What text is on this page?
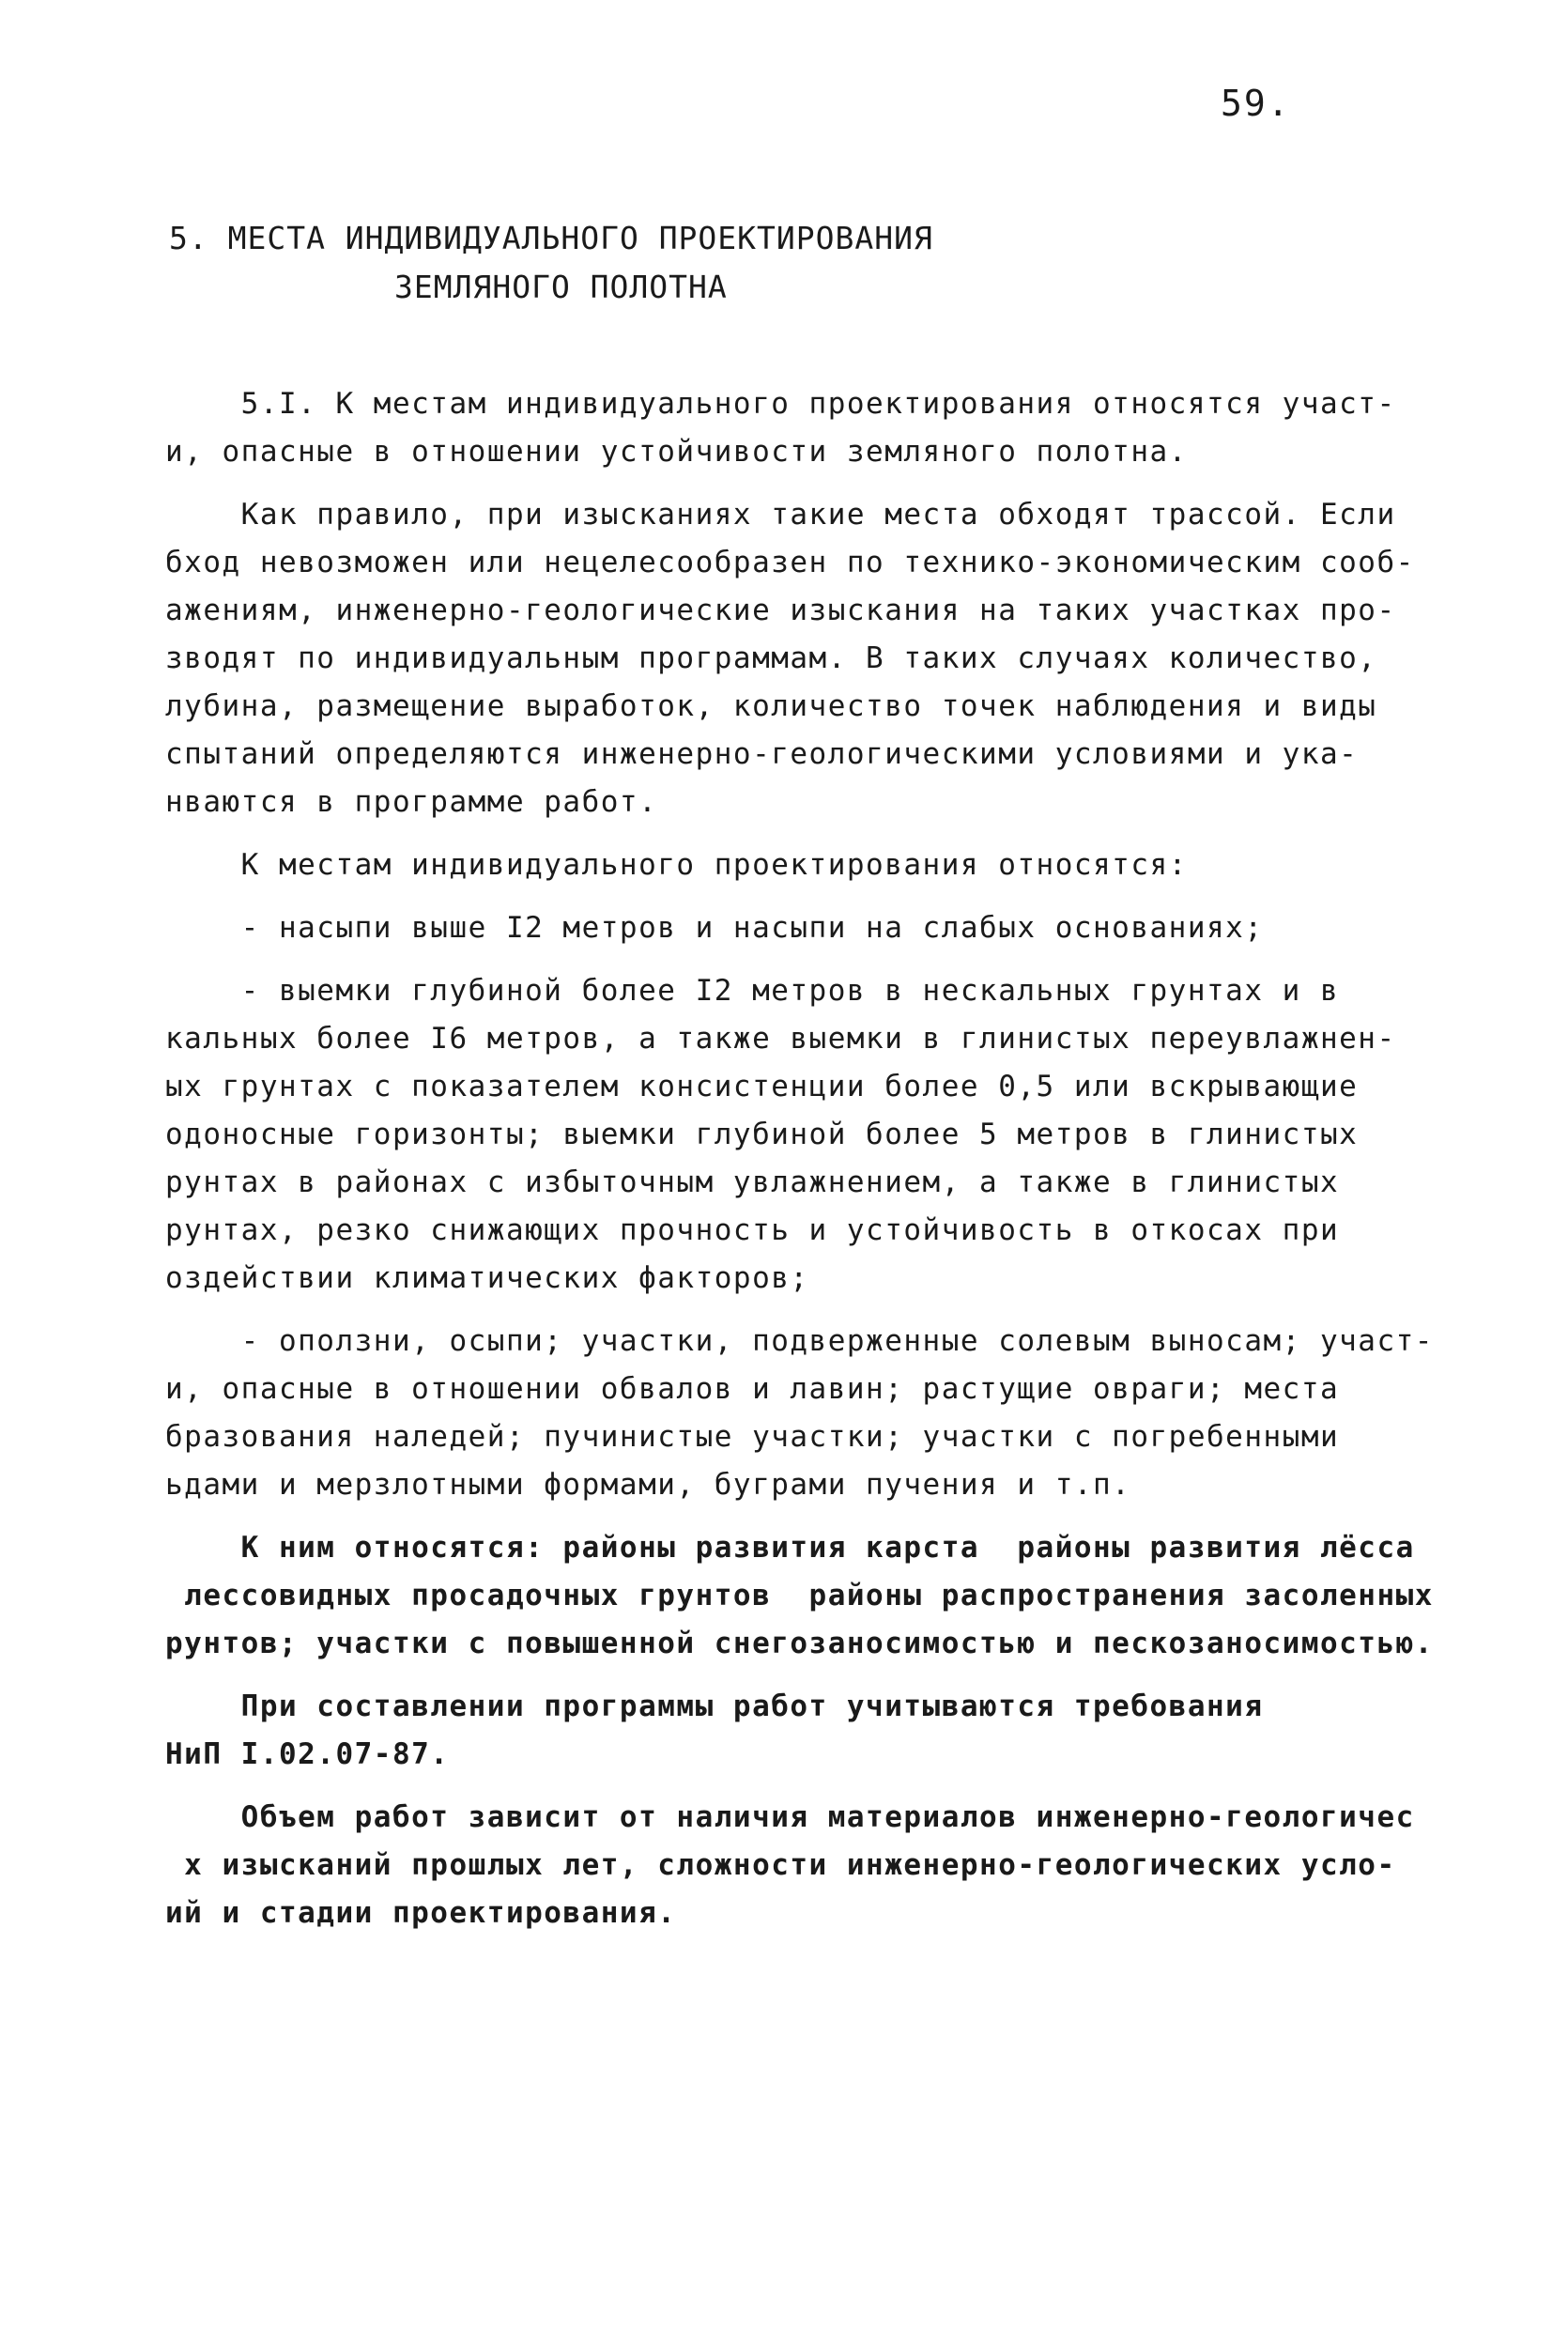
59.
5. МЕСТА ИНДИВИДУАЛЬНОГО ПРОЕКТИРОВАНИЯ
ЗЕМЛЯНОГО ПОЛОТНА

5.I. К местам индивидуального проектирования относятся участ-
и, опасные в отношении устойчивости земляного полотна.

Как правило, при изысканиях такие места обходят трассой. Если
бход невозможен или нецелесообразен по технико-экономическим сооб-
ажениям, инженерно-геологические изыскания на таких участках про-
зводят по индивидуальным программам. В таких случаях количество,
лубина, размещение выработок, количество точек наблюдения и виды
спытаний определяются инженерно-геологическими условиями и ука-
нваются в программе работ.

К местам индивидуального проектирования относятся:

- насыпи выше I2 метров и насыпи на слабых основаниях;

- выемки глубиной более I2 метров в нескальных грунтах и в
кальных более I6 метров, а также выемки в глинистых переувлажнен-
ых грунтах с показателем консистенции более 0,5 или вскрывающие
одоносные горизонты; выемки глубиной более 5 метров в глинистых
рунтах в районах с избыточным увлажнением, а также в глинистых
рунтах, резко снижающих прочность и устойчивость в откосах при
оздействии климатических факторов;

- оползни, осыпи; участки, подверженные солевым выносам; участ-
и, опасные в отношении обвалов и лавин; растущие овраги; места
бразования наледей; пучинистые участки; участки с погребенными
ьдами и мерзлотными формами, буграми пучения и т.п.

К ним относятся: районы развития карста  районы развития лёсса
лессовидных просадочных грунтов  районы распространения засоленных
рунтов; участки с повышенной снегозаносимостью и пескозаносимостью.

При составлении программы работ учитываются требования
НиП I.02.07-87.

Объем работ зависит от наличия материалов инженерно-геологичес
х изысканий прошлых лет, сложности инженерно-геологических усло-
ий и стадии проектирования.
